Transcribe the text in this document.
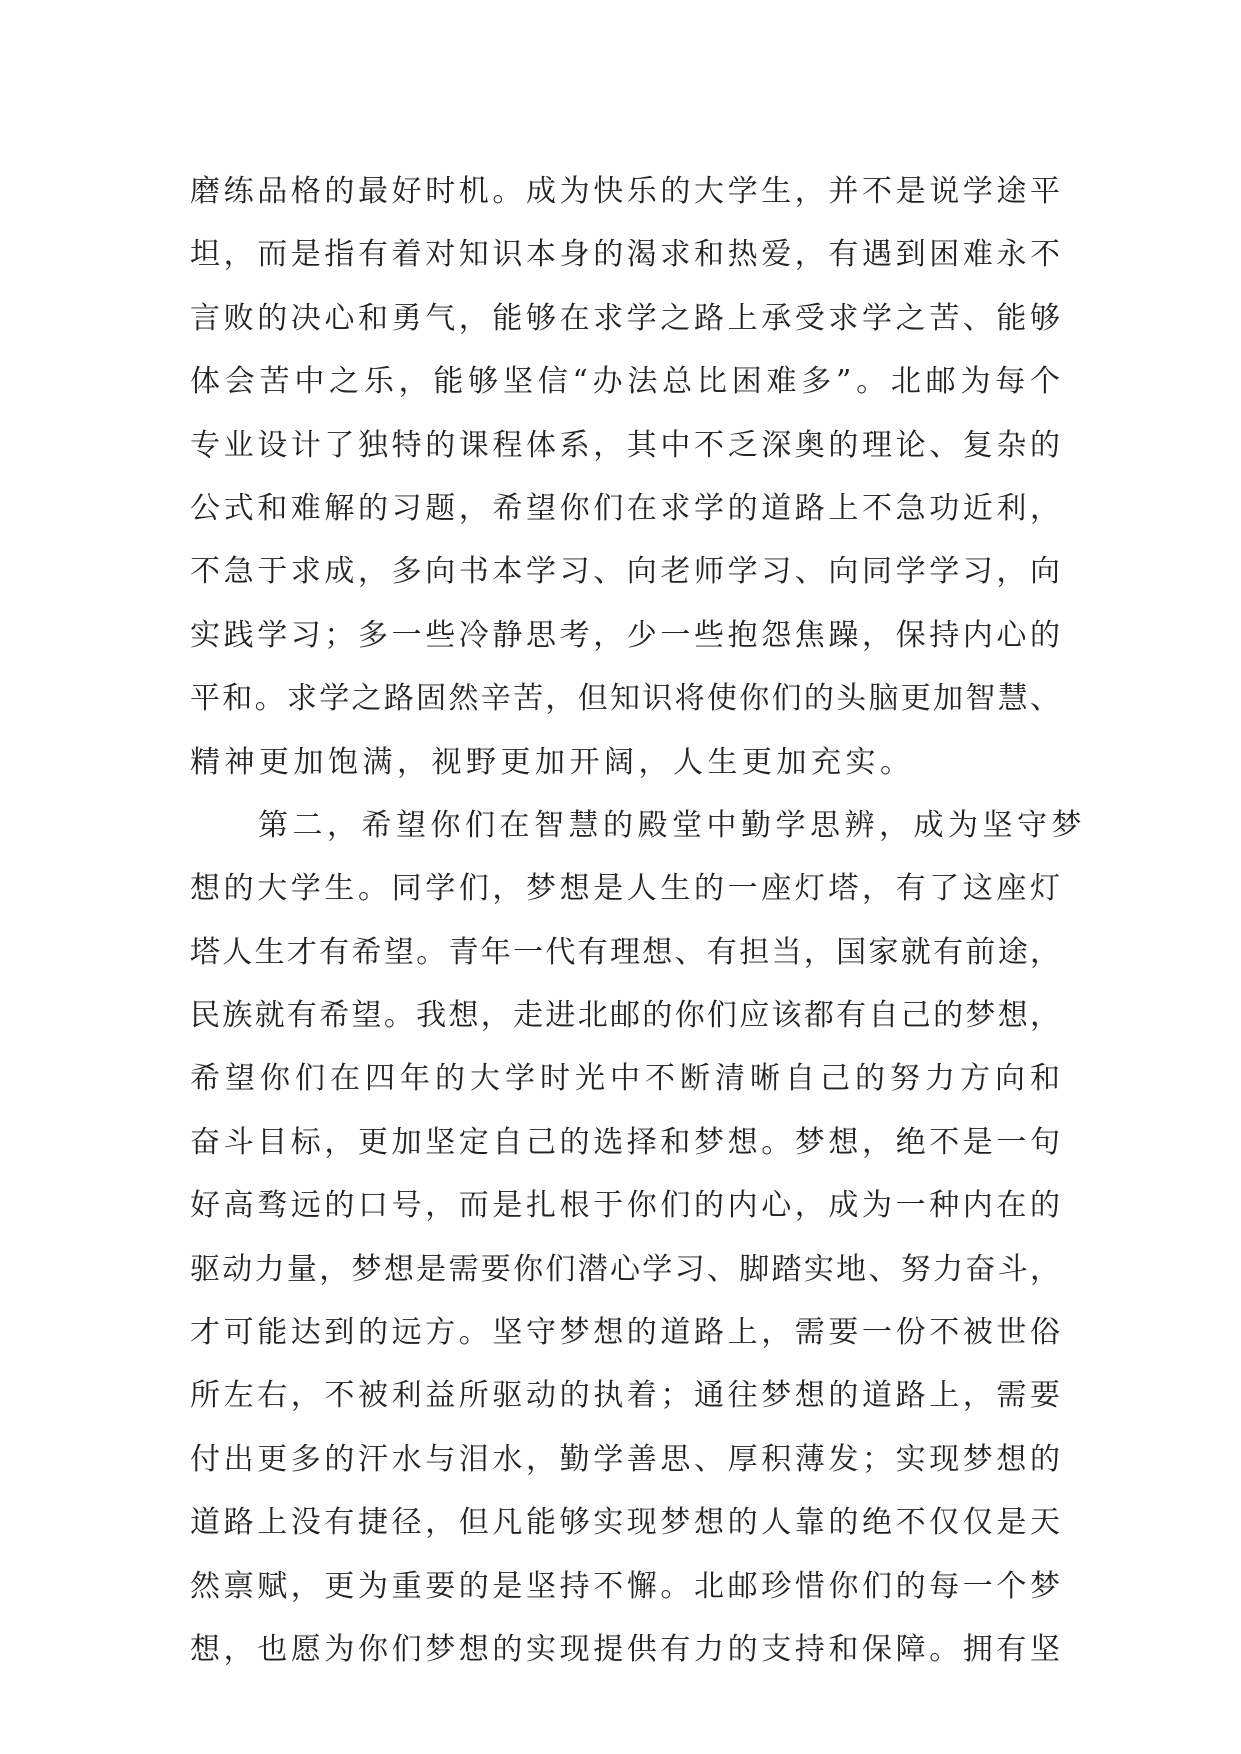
磨练品格的最好时机。成为快乐的大学生，并不是说学途平
坦，而是指有着对知识本身的渴求和热爱，有遇到困难永不
言败的决心和勇气，能够在求学之路上承受求学之苦、能够
体会苦中之乐，能够坚信“办法总比困难多”。北邮为每个
专业设计了独特的课程体系，其中不乏深奥的理论、复杂的
公式和难解的习题，希望你们在求学的道路上不急功近利，
不急于求成，多向书本学习、向老师学习、向同学学习，向
实践学习；多一些冷静思考，少一些抱怨焦躁，保持内心的
平和。求学之路固然辛苦，但知识将使你们的头脑更加智慧、
精神更加饱满，视野更加开阔，人生更加充实。
第二，希望你们在智慧的殿堂中勤学思辨，成为坚守梦
想的大学生。同学们，梦想是人生的一座灯塔，有了这座灯
塔人生才有希望。青年一代有理想、有担当，国家就有前途，
民族就有希望。我想，走进北邮的你们应该都有自己的梦想，
希望你们在四年的大学时光中不断清晰自己的努力方向和
奋斗目标，更加坚定自己的选择和梦想。梦想，绝不是一句
好高骛远的口号，而是扎根于你们的内心，成为一种内在的
驱动力量，梦想是需要你们潜心学习、脚踏实地、努力奋斗，
才可能达到的远方。坚守梦想的道路上，需要一份不被世俗
所左右，不被利益所驱动的执着；通往梦想的道路上，需要
付出更多的汗水与泪水，勤学善思、厚积薄发；实现梦想的
道路上没有捷径，但凡能够实现梦想的人靠的绝不仅仅是天
然禀赋，更为重要的是坚持不懈。北邮珍惜你们的每一个梦
想，也愿为你们梦想的实现提供有力的支持和保障。拥有坚
